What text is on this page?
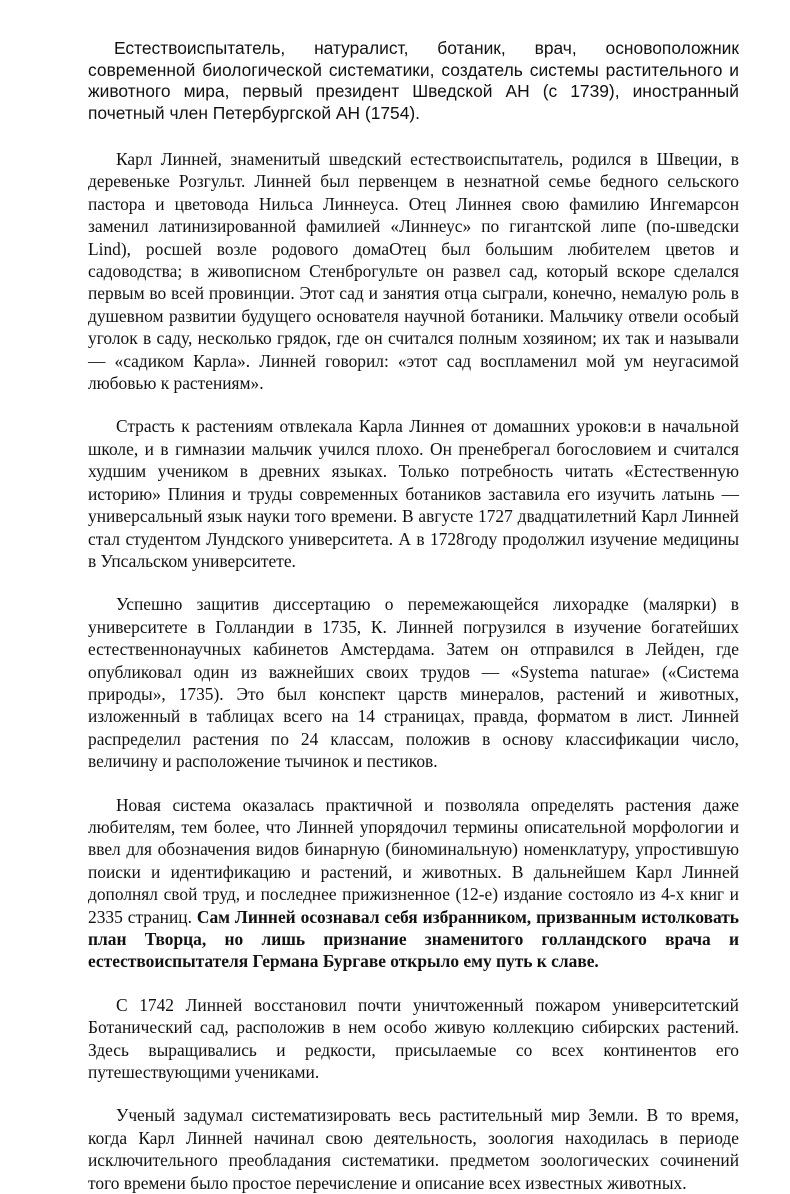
Естествоиспытатель, натуралист, ботаник, врач, основоположник современной биологической систематики, создатель системы растительного и животного мира, первый президент Шведской АН (с 1739), иностранный почетный член Петербургской АН (1754).

Карл Линней, знаменитый шведский естествоиспытатель, родился в Швеции, в деревеньке Розгульт. Линней был первенцем в незнатной семье бедного сельского пастора и цветовода Нильса Линнеуса. Отец Линнея свою фамилию Ингемарсон заменил латинизированной фамилией «Линнеус» по гигантской липе (по-шведски Lind), росшей возле родового домаОтец был большим любителем цветов и садоводства; в живописном Стенброгульте он развел сад, который вскоре сделался первым во всей провинции. Этот сад и занятия отца сыграли, конечно, немалую роль в душевном развитии будущего основателя научной ботаники. Мальчику отвели особый уголок в саду, несколько грядок, где он считался полным хозяином; их так и называли — «садиком Карла». Линней говорил: «этот сад воспламенил мой ум неугасимой любовью к растениям».

Страсть к растениям отвлекала Карла Линнея от домашних уроков:и в начальной школе, и в гимназии мальчик учился плохо. Он пренебрегал богословием и считался худшим учеником в древних языках. Только потребность читать «Естественную историю» Плиния и труды современных ботаников заставила его изучить латынь — универсальный язык науки того времени. В августе 1727 двадцатилетний Карл Линней стал студентом Лундского университета. А в 1728году продолжил изучение медицины в Упсальском университете.

Успешно защитив диссертацию о перемежающейся лихорадке (малярки) в университете в Голландии в 1735, К. Линней погрузился в изучение богатейших естественнонаучных кабинетов Амстердама. Затем он отправился в Лейден, где опубликовал один из важнейших своих трудов — «Systema naturae» («Система природы», 1735). Это был конспект царств минералов, растений и животных, изложенный в таблицах всего на 14 страницах, правда, форматом в лист. Линней распределил растения по 24 классам, положив в основу классификации число, величину и расположение тычинок и пестиков.

Новая система оказалась практичной и позволяла определять растения даже любителям, тем более, что Линней упорядочил термины описательной морфологии и ввел для обозначения видов бинарную (биноминальную) номенклатуру, упростившую поиски и идентификацию и растений, и животных. В дальнейшем Карл Линней дополнял свой труд, и последнее прижизненное (12-е) издание состояло из 4-х книг и 2335 страниц. Сам Линней осознавал себя избранником, призванным истолковать план Творца, но лишь признание знаменитого голландского врача и естествоиспытателя Германа Бургаве открыло ему путь к славе.

С 1742 Линней восстановил почти уничтоженный пожаром университетский Ботанический сад, расположив в нем особо живую коллекцию сибирских растений. Здесь выращивались и редкости, присылаемые со всех континентов его путешествующими учениками.

Ученый задумал систематизировать весь растительный мир Земли. В то время, когда Карл Линней начинал свою деятельность, зоология находилась в периоде исключительного преобладания систематики. предметом зоологических сочинений того времени было простое перечисление и описание всех известных животных.
